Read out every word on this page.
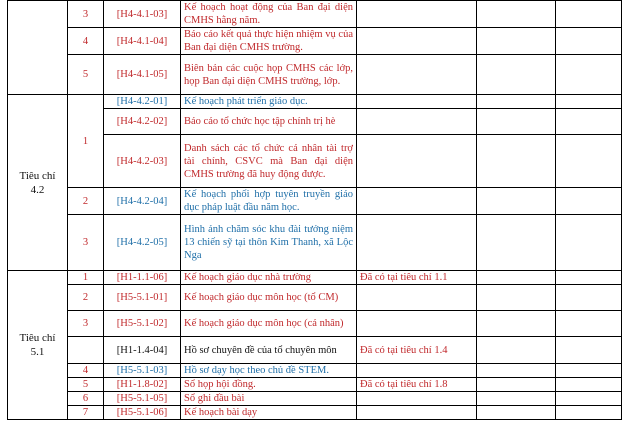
	3	[H4-4.1-03]	Kế hoạch hoạt động của Ban đại diện CMHS hằng năm.			
	4	[H4-4.1-04]	Báo cáo kết quả thực hiện nhiệm vụ của Ban đại diện CMHS trường.			
	5	[H4-4.1-05]	Biên bản các cuộc họp CMHS các lớp, họp Ban đại diện CMHS trường, lớp.			
Tiêu chí
4.2	1	[H4-4.2-01]	Kế hoạch phát triển giáo dục.			
		[H4-4.2-02]	Báo cáo tổ chức học tập chính trị hè			
		[H4-4.2-03]	Danh sách các tổ chức cá nhân tài trợ tài chính, CSVC mà Ban đại diện CMHS trường đã huy động được.			
	2	[H4-4.2-04]	Kế hoạch phối hợp tuyên truyền giáo dục pháp luật đầu năm học.			
	3	[H4-4.2-05]	Hình ảnh chăm sóc khu đài tưởng niệm 13 chiến sỹ tại thôn Kim Thanh, xã Lộc Nga			
Tiêu chí
5.1	1	[H1-1.1-06]	Kế hoạch giáo dục nhà trường	Đã có tại tiêu chí 1.1		
	2	[H5-5.1-01]	Kế hoạch giáo dục môn học (tổ CM)			
	3	[H5-5.1-02]	Kế hoạch giáo dục môn học (cá nhân)			
		[H1-1.4-04]	Hồ sơ chuyên đề của tổ chuyên môn	Đã có tại tiêu chí 1.4		
	4	[H5-5.1-03]	Hồ sơ dạy học theo chủ đề STEM.			
	5	[H1-1.8-02]	Sổ họp hội đồng.	Đã có tại tiêu chí 1.8		
	6	[H5-5.1-05]	Sổ ghi đầu bài			
	7	[H5-5.1-06]	Kế hoạch bài dạy			
